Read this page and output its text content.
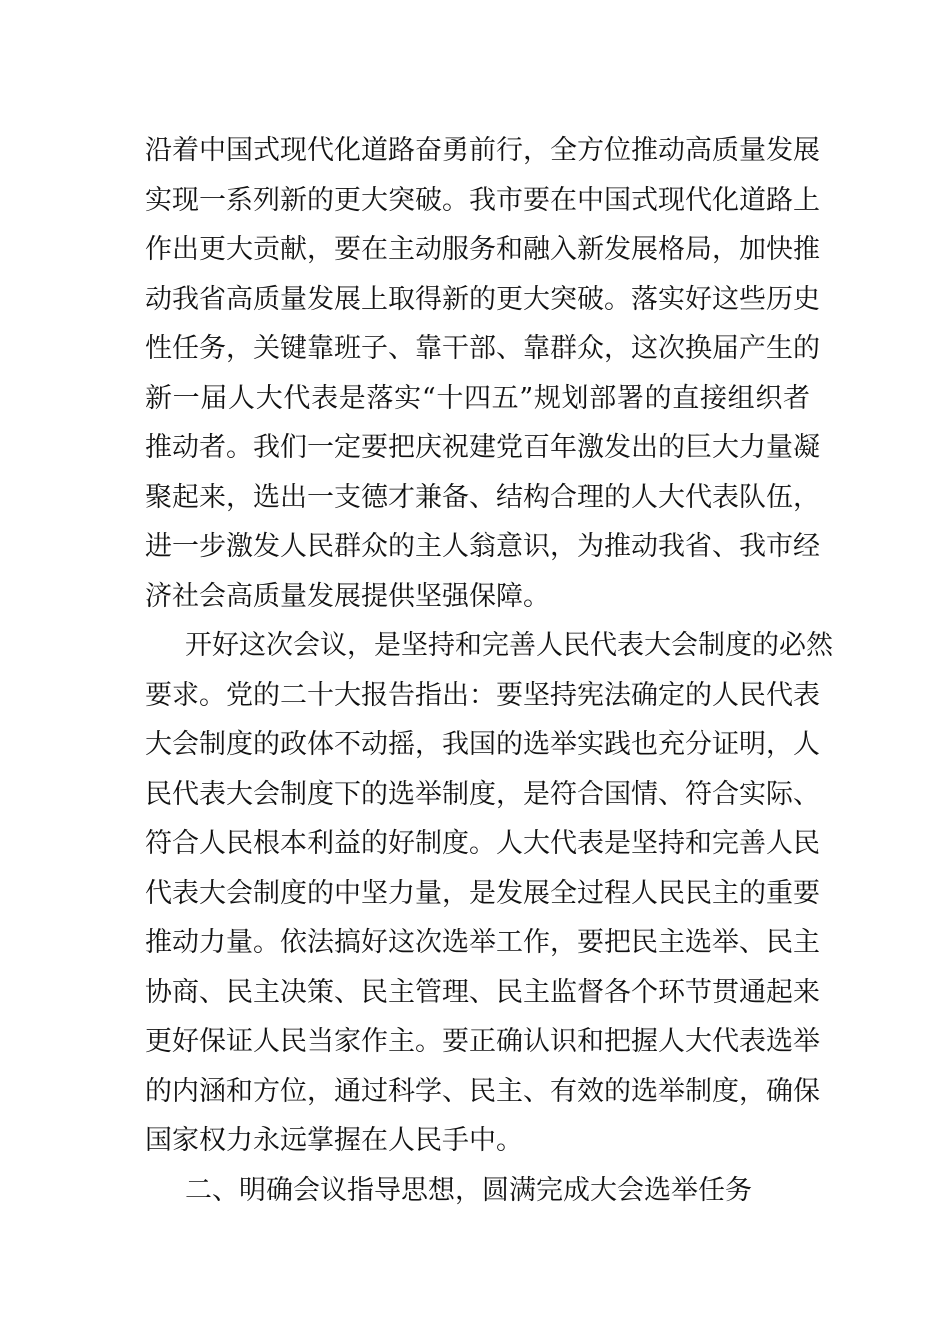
沿着中国式现代化道路奋勇前行，全方位推动高质量发展
实现一系列新的更大突破。我市要在中国式现代化道路上
作出更大贡献，要在主动服务和融入新发展格局，加快推
动我省高质量发展上取得新的更大突破。落实好这些历史
性任务，关键靠班子、靠干部、靠群众，这次换届产生的
新一届人大代表是落实“十四五”规划部署的直接组织者
推动者。我们一定要把庆祝建党百年激发出的巨大力量凝
聚起来，选出一支德才兼备、结构合理的人大代表队伍，
进一步激发人民群众的主人翁意识，为推动我省、我市经
济社会高质量发展提供坚强保障。
开好这次会议，是坚持和完善人民代表大会制度的必然
要求。党的二十大报告指出：要坚持宪法确定的人民代表
大会制度的政体不动摇，我国的选举实践也充分证明，人
民代表大会制度下的选举制度，是符合国情、符合实际、
符合人民根本利益的好制度。人大代表是坚持和完善人民
代表大会制度的中坚力量，是发展全过程人民民主的重要
推动力量。依法搞好这次选举工作，要把民主选举、民主
协商、民主决策、民主管理、民主监督各个环节贯通起来
更好保证人民当家作主。要正确认识和把握人大代表选举
的内涵和方位，通过科学、民主、有效的选举制度，确保
国家权力永远掌握在人民手中。
二、明确会议指导思想，圆满完成大会选举任务
